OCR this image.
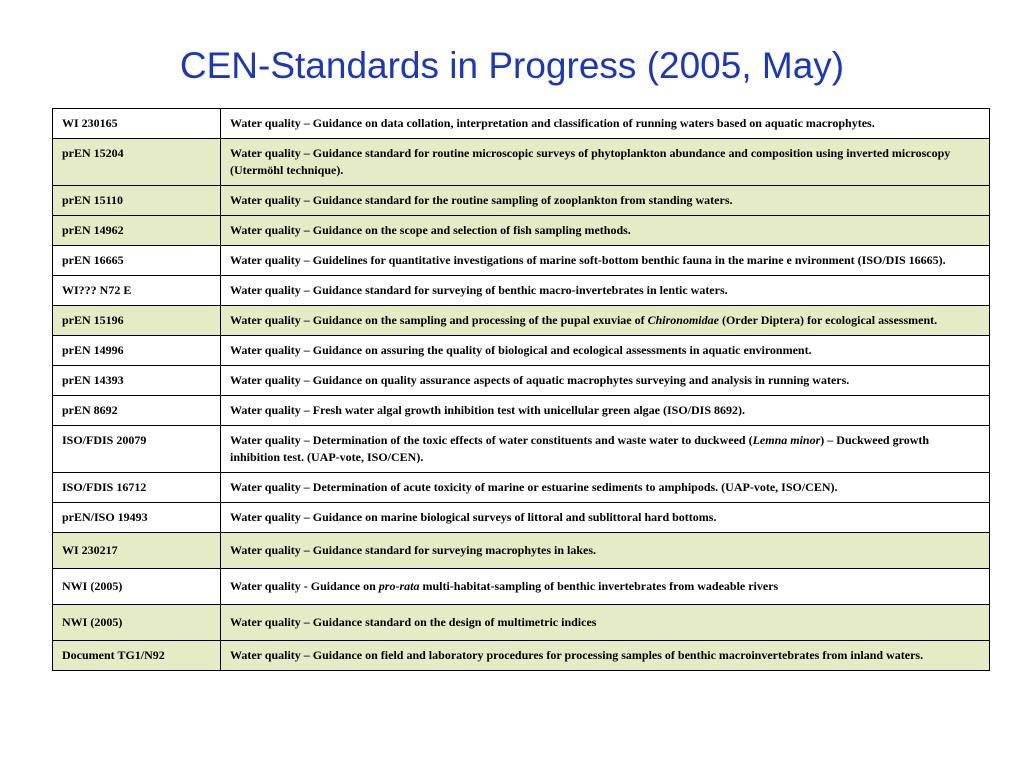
CEN-Standards in Progress (2005, May)
WI 230165	Water quality – Guidance on data collation, interpretation and classification of running waters based on aquatic macrophytes.
prEN 15204	Water quality – Guidance standard for routine microscopic surveys of phytoplankton abundance and composition using inverted microscopy (Utermöhl technique).
prEN 15110	Water quality – Guidance standard for the routine sampling of zooplankton from standing waters.
prEN 14962	Water quality – Guidance on the scope and selection of fish sampling methods.
prEN 16665	Water quality – Guidelines for quantitative investigations of marine soft-bottom benthic fauna in the marine e nvironment (ISO/DIS 16665).
WI??? N72 E	Water quality – Guidance standard for surveying of benthic macro-invertebrates in lentic waters.
prEN 15196	Water quality – Guidance on the sampling and processing of the pupal exuviae of Chironomidae (Order Diptera) for ecological assessment.
prEN 14996	Water quality – Guidance on assuring the quality of biological and ecological assessments in aquatic environment.
prEN 14393	Water quality – Guidance on quality assurance aspects of aquatic macrophytes surveying and analysis in running waters.
prEN 8692	Water quality – Fresh water algal growth inhibition test with unicellular green algae (ISO/DIS 8692).
ISO/FDIS 20079	Water quality – Determination of the toxic effects of water constituents and waste water to duckweed (Lemna minor) – Duckweed growth inhibition test. (UAP-vote, ISO/CEN).
ISO/FDIS 16712	Water quality – Determination of acute toxicity of marine or estuarine sediments to amphipods. (UAP-vote, ISO/CEN).
prEN/ISO 19493	Water quality – Guidance on marine biological surveys of littoral and sublittoral hard bottoms.
WI 230217	Water quality – Guidance standard for surveying macrophytes in lakes.
NWI (2005)	Water quality - Guidance on pro-rata multi-habitat-sampling of benthic invertebrates from wadeable rivers
NWI (2005)	Water quality – Guidance standard on the design of multimetric indices
Document TG1/N92	Water quality – Guidance on field and laboratory procedures for processing samples of benthic macroinvertebrates from inland waters.
